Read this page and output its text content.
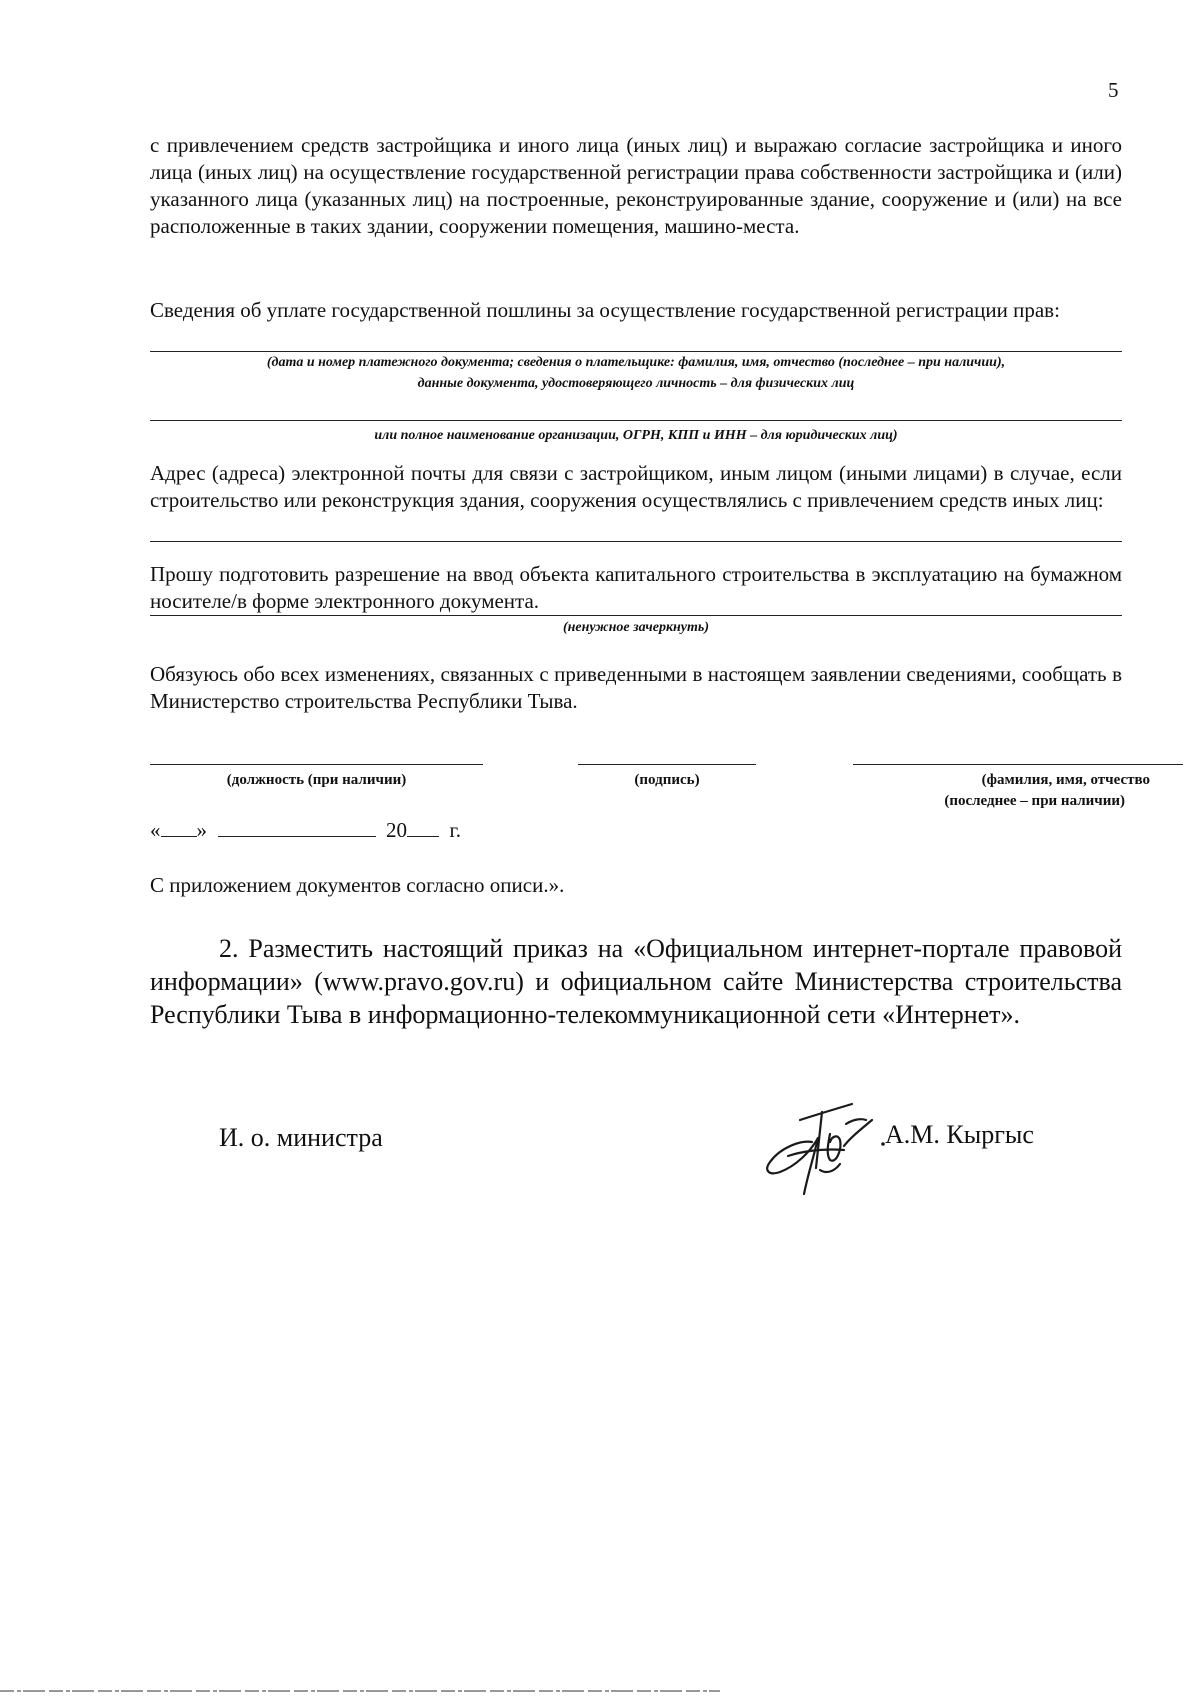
5
с привлечением средств застройщика и иного лица (иных лиц) и выражаю согласие застройщика и иного лица (иных лиц) на осуществление государственной регистрации права собственности застройщика и (или) указанного лица (указанных лиц) на построенные, реконструированные здание, сооружение и (или) на все расположенные в таких здании, сооружении помещения, машино-места.
Сведения об уплате государственной пошлины за осуществление государственной регистрации прав:
(дата и номер платежного документа; сведения о плательщике: фамилия, имя, отчество (последнее – при наличии),
данные документа, удостоверяющего личность – для физических лиц
или полное наименование организации, ОГРН, КПП и ИНН – для юридических лиц)
Адрес (адреса) электронной почты для связи с застройщиком, иным лицом (иными лицами) в случае, если строительство или реконструкция здания, сооружения осуществлялись с привлечением средств иных лиц:
Прошу подготовить разрешение на ввод объекта капитального строительства в эксплуатацию на бумажном носителе/в форме электронного документа.
(ненужное зачеркнуть)
Обязуюсь обо всех изменениях, связанных с приведенными в настоящем заявлении сведениями, сообщать в Министерство строительства Республики Тыва.
(должность (при наличии)	(подпись)	(фамилия, имя, отчество
(последнее – при наличии)
« »	20 г.
С приложением документов согласно описи.».
2. Разместить настоящий приказ на «Официальном интернет-портале правовой информации» (www.pravo.gov.ru) и официальном сайте Министерства строительства Республики Тыва в информационно-телекоммуникационной сети «Интернет».
И. о. министра	А.М. Кыргыс
